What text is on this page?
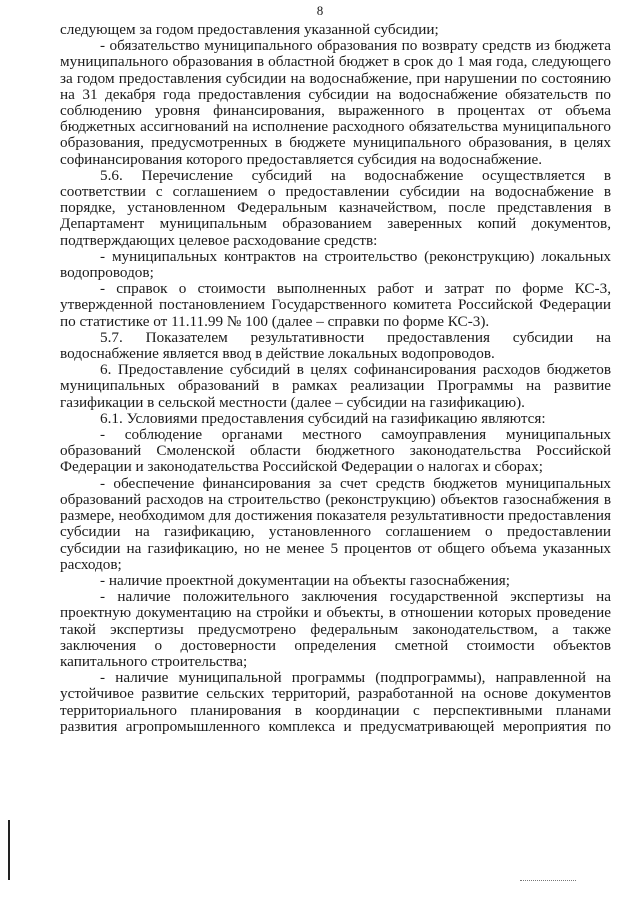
8

следующем за годом предоставления указанной субсидии;

- обязательство муниципального образования по возврату средств из бюджета муниципального образования в областной бюджет в срок до 1 мая года, следующего за годом предоставления субсидии на водоснабжение, при нарушении по состоянию на 31 декабря года предоставления субсидии на водоснабжение обязательств по соблюдению уровня финансирования, выраженного в процентах от объема бюджетных ассигнований на исполнение расходного обязательства муниципального образования, предусмотренных в бюджете муниципального образования, в целях софинансирования которого предоставляется субсидия на водоснабжение.

5.6. Перечисление субсидий на водоснабжение осуществляется в соответствии с соглашением о предоставлении субсидии на водоснабжение в порядке, установленном Федеральным казначейством, после представления в Департамент муниципальным образованием заверенных копий документов, подтверждающих целевое расходование средств:

- муниципальных контрактов на строительство (реконструкцию) локальных водопроводов;

- справок о стоимости выполненных работ и затрат по форме КС-3, утвержденной постановлением Государственного комитета Российской Федерации по статистике от 11.11.99 № 100 (далее – справки по форме КС-3).

5.7. Показателем результативности предоставления субсидии на водоснабжение является ввод в действие локальных водопроводов.

6. Предоставление субсидий в целях софинансирования расходов бюджетов муниципальных образований в рамках реализации Программы на развитие газификации в сельской местности (далее – субсидии на газификацию).

6.1. Условиями предоставления субсидий на газификацию являются:

- соблюдение органами местного самоуправления муниципальных образований Смоленской области бюджетного законодательства Российской Федерации и законодательства Российской Федерации о налогах и сборах;

- обеспечение финансирования за счет средств бюджетов муниципальных образований расходов на строительство (реконструкцию) объектов газоснабжения в размере, необходимом для достижения показателя результативности предоставления субсидии на газификацию, установленного соглашением о предоставлении субсидии на газификацию, но не менее 5 процентов от общего объема указанных расходов;

- наличие проектной документации на объекты газоснабжения;

- наличие положительного заключения государственной экспертизы на проектную документацию на стройки и объекты, в отношении которых проведение такой экспертизы предусмотрено федеральным законодательством, а также заключения о достоверности определения сметной стоимости объектов капитального строительства;

- наличие муниципальной программы (подпрограммы), направленной на устойчивое развитие сельских территорий, разработанной на основе документов территориального планирования в координации с перспективными планами развития агропромышленного комплекса и предусматривающей мероприятия по
